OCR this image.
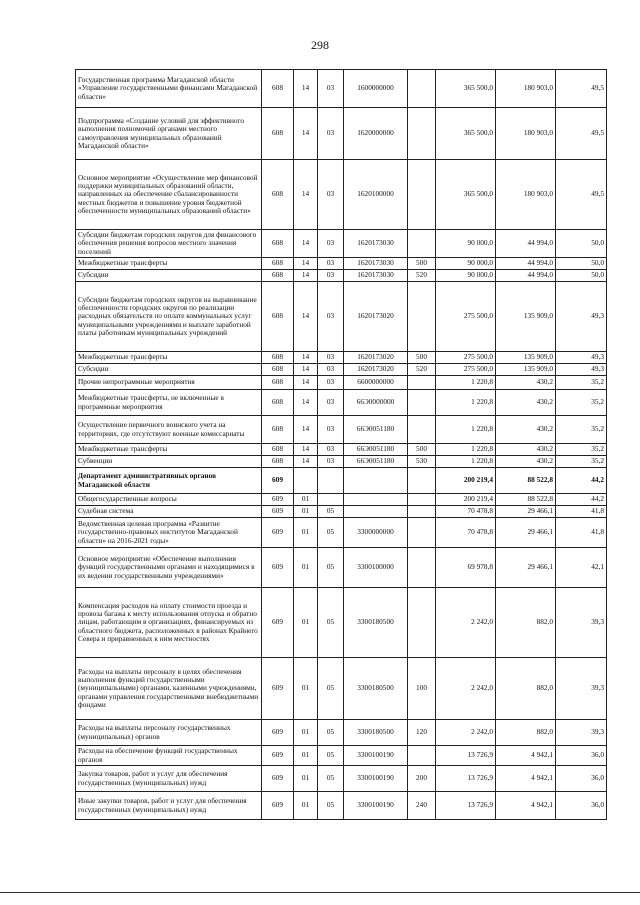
298
Государственная программа Магаданской области «Управление государственными финансами Магаданской области»	608	14	03	1600000000		365 500,0	180 903,0	49,5
Подпрограмма «Создание условий для эффективного выполнения полномочий органами местного самоуправления муниципальных образований Магаданской области»	608	14	03	1620000000		365 500,0	180 903,0	49,5
Основное мероприятие «Осуществление мер финансовой поддержки муниципальных образований области, направленных на обеспечение сбалансированности местных бюджетов и повышение уровня бюджетной обеспеченности муниципальных образований области»	608	14	03	1620100000		365 500,0	180 903,0	49,5
Субсидии бюджетам городских округов для финансового обеспечения решения вопросов местного значения поселений	608	14	03	1620173030		90 000,0	44 994,0	50,0
Межбюджетные трансферты	608	14	03	1620173030	500	90 000,0	44 994,0	50,0
Субсидии	608	14	03	1620173030	520	90 000,0	44 994,0	50,0
Субсидии бюджетам городских округов на выравнивание обеспеченности городских округов по реализации расходных обязательств по оплате коммунальных услуг муниципальными учреждениями и выплате заработной платы работникам муниципальных учреждений	608	14	03	1620173020		275 500,0	135 909,0	49,3
Межбюджетные трансферты	608	14	03	1620173020	500	275 500,0	135 909,0	49,3
Субсидии	608	14	03	1620173020	520	275 500,0	135 909,0	49,3
Прочие непрограммные мероприятия	608	14	03	6600000000		1 220,8	430,2	35,2
Межбюджетные трансферты, не включенные в программные мероприятия	608	14	03	66Э0000000		1 220,8	430,2	35,2
Осуществление первичного воинского учета на территориях, где отсутствуют военные комиссариаты	608	14	03	66Э0051180		1 220,8	430,2	35,2
Межбюджетные трансферты	608	14	03	66Э0051180	500	1 220,8	430,2	35,2
Субвенции	608	14	03	66Э0051180	530	1 220,8	430,2	35,2
Департамент административных органов Магаданской области	609					200 219,4	88 522,8	44,2
Общегосударственные вопросы	609	01				200 219,4	88 522,8	44,2
Судебная система	609	01	05			70 478,8	29 466,1	41,8
Ведомственная целевая программа «Развитие государственно-правовых институтов Магаданской области» на 2016-2021 годы»	609	01	05	3300000000		70 478,8	29 466,1	41,8
Основное мероприятие «Обеспечение выполнения функций государственными органами и находящимися в их ведении государственными учреждениями»	609	01	05	3300100000		69 978,8	29 466,1	42,1
Компенсация расходов на оплату стоимости проезда и провоза багажа к месту использования отпуска и обратно лицам, работающим в организациях, финансируемых из областного бюджета, расположенных в районах Крайнего Севера и приравненных к ним местностях	609	01	05	3300180500		2 242,0	882,0	39,3
Расходы на выплаты персоналу в целях обеспечения выполнения функций государственными (муниципальными) органами, казенными учреждениями, органами управления государственными внебюджетными фондами	609	01	05	3300180500	100	2 242,0	882,0	39,3
Расходы на выплаты персоналу государственных (муниципальных) органов	609	01	05	3300180500	120	2 242,0	882,0	39,3
Расходы на обеспечение функций государственных органов	609	01	05	3300100190		13 726,9	4 942,1	36,0
Закупка товаров, работ и услуг для обеспечения государственных (муниципальных) нужд	609	01	05	3300100190	200	13 726,9	4 942,1	36,0
Иные закупки товаров, работ и услуг для обеспечения государственных (муниципальных) нужд	609	01	05	3300100190	240	13 726,9	4 942,1	36,0
